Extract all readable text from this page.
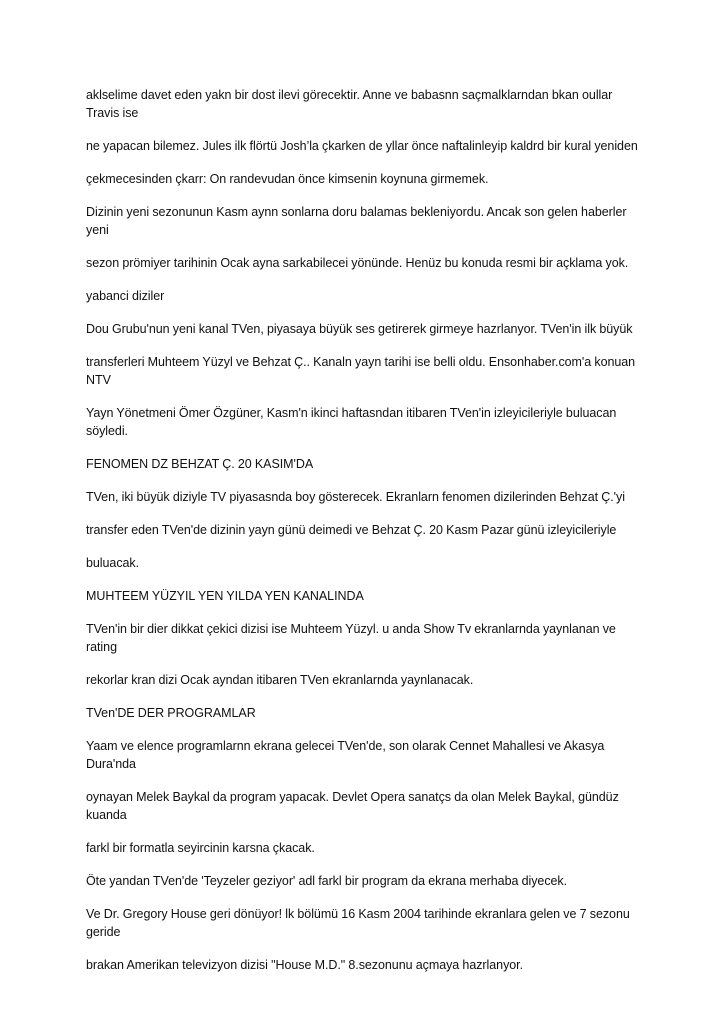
aklselime davet eden yakn bir dost ilevi görecektir. Anne ve babasnn saçmalklarndan bkan oullar Travis ise

ne yapacan bilemez. Jules ilk flörtü Josh’la çkarken de yllar önce naftalinleyip kaldrd bir kural yeniden

çekmecesinden çkarr: On randevudan önce kimsenin koynuna girmemek.

Dizinin yeni sezonunun Kasm aynn sonlarna doru balamas bekleniyordu. Ancak son gelen haberler yeni

sezon prömiyer tarihinin Ocak ayna sarkabilecei yönünde. Henüz bu konuda resmi bir açklama yok.

yabanci diziler

Dou Grubu'nun yeni kanal TVen, piyasaya büyük ses getirerek girmeye hazrlanyor. TVen'in ilk büyük

transferleri Muhteem Yüzyl ve Behzat Ç.. Kanaln yayn tarihi ise belli oldu. Ensonhaber.com'a konuan NTV

Yayn Yönetmeni Ömer Özgüner, Kasm'n ikinci haftasndan itibaren TVen'in izleyicileriyle buluacan söyledi.

FENOMEN DZ BEHZAT Ç. 20 KASIM'DA

TVen, iki büyük diziyle TV piyasasnda boy gösterecek. Ekranlarn fenomen dizilerinden Behzat Ç.'yi

transfer eden TVen'de dizinin yayn günü deimedi ve Behzat Ç. 20 Kasm Pazar günü izleyicileriyle

buluacak.

MUHTEEM YÜZYIL YEN YILDA YEN KANALINDA

TVen'in bir dier dikkat çekici dizisi ise Muhteem Yüzyl. u anda Show Tv ekranlarnda yaynlanan ve rating

rekorlar kran dizi Ocak ayndan itibaren TVen ekranlarnda yaynlanacak.

TVen'DE DER PROGRAMLAR

Yaam ve elence programlarnn ekrana gelecei TVen'de, son olarak Cennet Mahallesi ve Akasya Dura'nda

oynayan Melek Baykal da program yapacak. Devlet Opera sanatçs da olan Melek Baykal, gündüz kuanda

farkl bir formatla seyircinin karsna çkacak.

Öte yandan TVen'de 'Teyzeler geziyor' adl farkl bir program da ekrana merhaba diyecek.

Ve Dr. Gregory House geri dönüyor! lk bölümü 16 Kasm 2004 tarihinde ekranlara gelen ve 7 sezonu geride

brakan Amerikan televizyon dizisi "House M.D." 8.sezonunu açmaya hazrlanyor.
